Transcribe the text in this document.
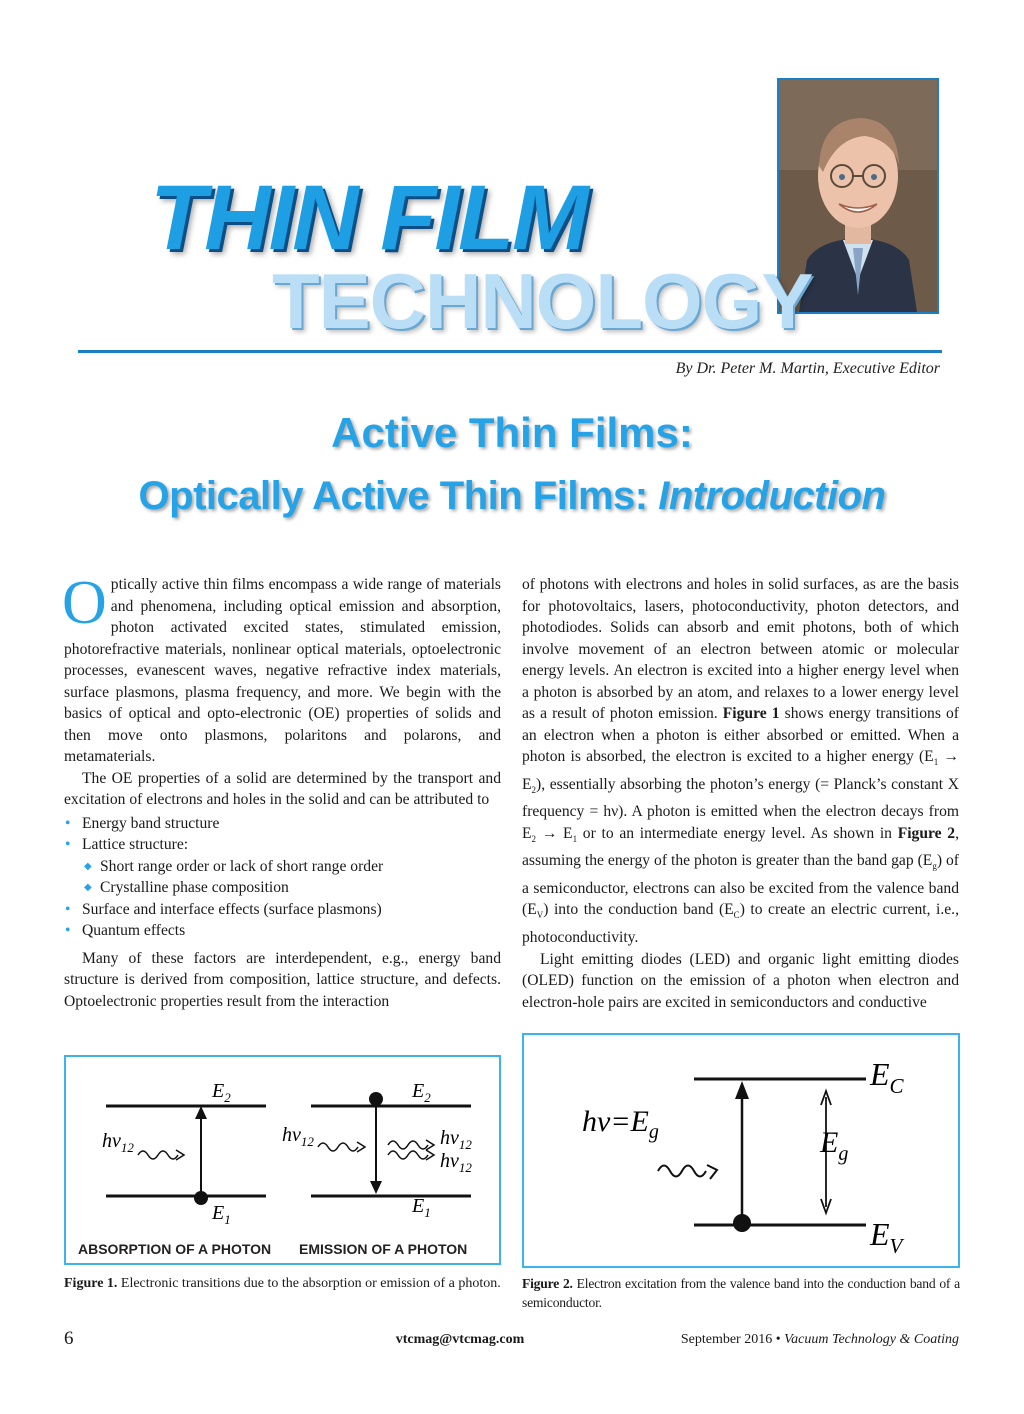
THIN FILM
TECHNOLOGY
By Dr. Peter M. Martin, Executive Editor
Active Thin Films:
Optically Active Thin Films: Introduction

Optically active thin films encompass a wide range of materials and phenomena, including optical emission and absorption, photon activated excited states, stimulated emission, photorefractive materials, nonlinear optical materials, optoelectronic processes, evanescent waves, negative refractive index materials, surface plasmons, plasma frequency, and more. We begin with the basics of optical and opto-electronic (OE) properties of solids and then move onto plasmons, polaritons and polarons, and metamaterials.

The OE properties of a solid are determined by the transport and excitation of electrons and holes in the solid and can be attributed to

• Energy band structure
• Lattice structure:
◆ Short range order or lack of short range order
◆ Crystalline phase composition
• Surface and interface effects (surface plasmons)
• Quantum effects

Many of these factors are interdependent, e.g., energy band structure is derived from composition, lattice structure, and defects. Optoelectronic properties result from the interaction

of photons with electrons and holes in solid surfaces, as are the basis for photovoltaics, lasers, photoconductivity, photon detectors, and photodiodes. Solids can absorb and emit photons, both of which involve movement of an electron between atomic or molecular energy levels. An electron is excited into a higher energy level when a photon is absorbed by an atom, and relaxes to a lower energy level as a result of photon emission. Figure 1 shows energy transitions of an electron when a photon is either absorbed or emitted. When a photon is absorbed, the electron is excited to a higher energy $(E_1 \to E_2)$, essentially absorbing the photon’s energy (= Planck’s constant X frequency = hν). A photon is emitted when the electron decays from $E_2 \to E_1$ or to an intermediate energy level. As shown in Figure 2, assuming the energy of the photon is greater than the band gap $(E_g)$ of a semiconductor, electrons can also be excited from the valence band $(E_V)$ into the conduction band $(E_C)$ to create an electric current, i.e., photoconductivity.

Light emitting diodes (LED) and organic light emitting diodes (OLED) function on the emission of a photon when electron and electron-hole pairs are excited in semiconductors and conductive

$E_2$
$E_1$
$h\nu_{12}$
$E_2$
$E_1$
$h\nu_{12}$	$h\nu_{12}$
$h\nu_{12}$
ABSORPTION OF A PHOTON EMISSION OF A PHOTON
Figure 1. Electronic transitions due to the absorption or emission of a photon.
$h\nu=E_g$	$E_g$
$E_C$
$E_V$
Figure 2. Electron excitation from the valence band into the conduction band of a semiconductor.
6	vtcmag@vtcmag.com	September 2016 • Vacuum Technology & Coating
